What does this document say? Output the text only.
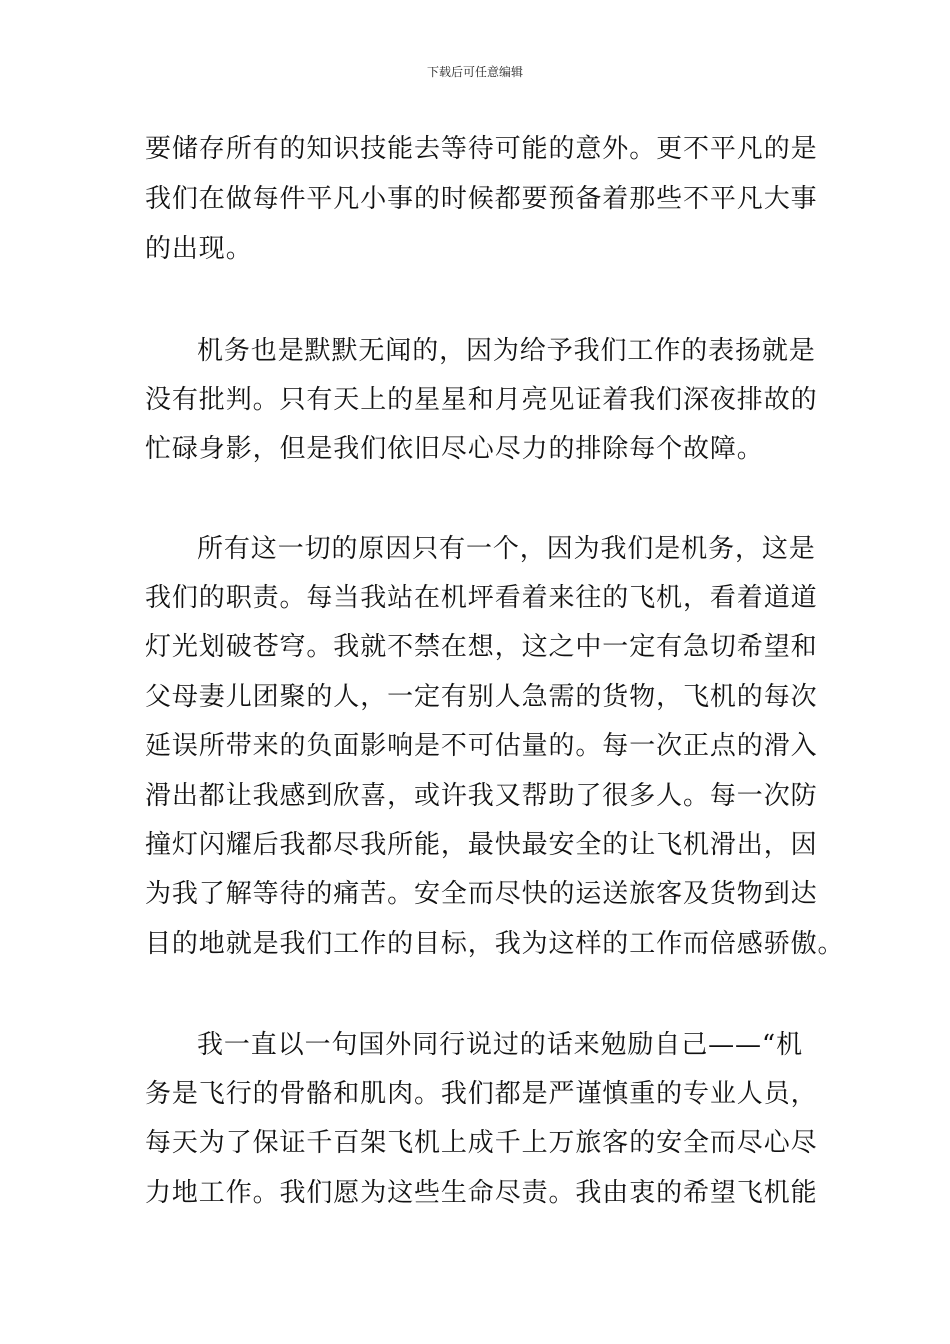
下载后可任意编辑
要储存所有的知识技能去等待可能的意外。更不平凡的是
我们在做每件平凡小事的时候都要预备着那些不平凡大事
的出现。
机务也是默默无闻的，因为给予我们工作的表扬就是
没有批判。只有天上的星星和月亮见证着我们深夜排故的
忙碌身影，但是我们依旧尽心尽力的排除每个故障。
所有这一切的原因只有一个，因为我们是机务，这是
我们的职责。每当我站在机坪看着来往的飞机，看着道道
灯光划破苍穹。我就不禁在想，这之中一定有急切希望和
父母妻儿团聚的人，一定有别人急需的货物，飞机的每次
延误所带来的负面影响是不可估量的。每一次正点的滑入
滑出都让我感到欣喜，或许我又帮助了很多人。每一次防
撞灯闪耀后我都尽我所能，最快最安全的让飞机滑出，因
为我了解等待的痛苦。安全而尽快的运送旅客及货物到达
目的地就是我们工作的目标，我为这样的工作而倍感骄傲。
我一直以一句国外同行说过的话来勉励自己——“机
务是飞行的骨骼和肌肉。我们都是严谨慎重的专业人员，
每天为了保证千百架飞机上成千上万旅客的安全而尽心尽
力地工作。我们愿为这些生命尽责。我由衷的希望飞机能
